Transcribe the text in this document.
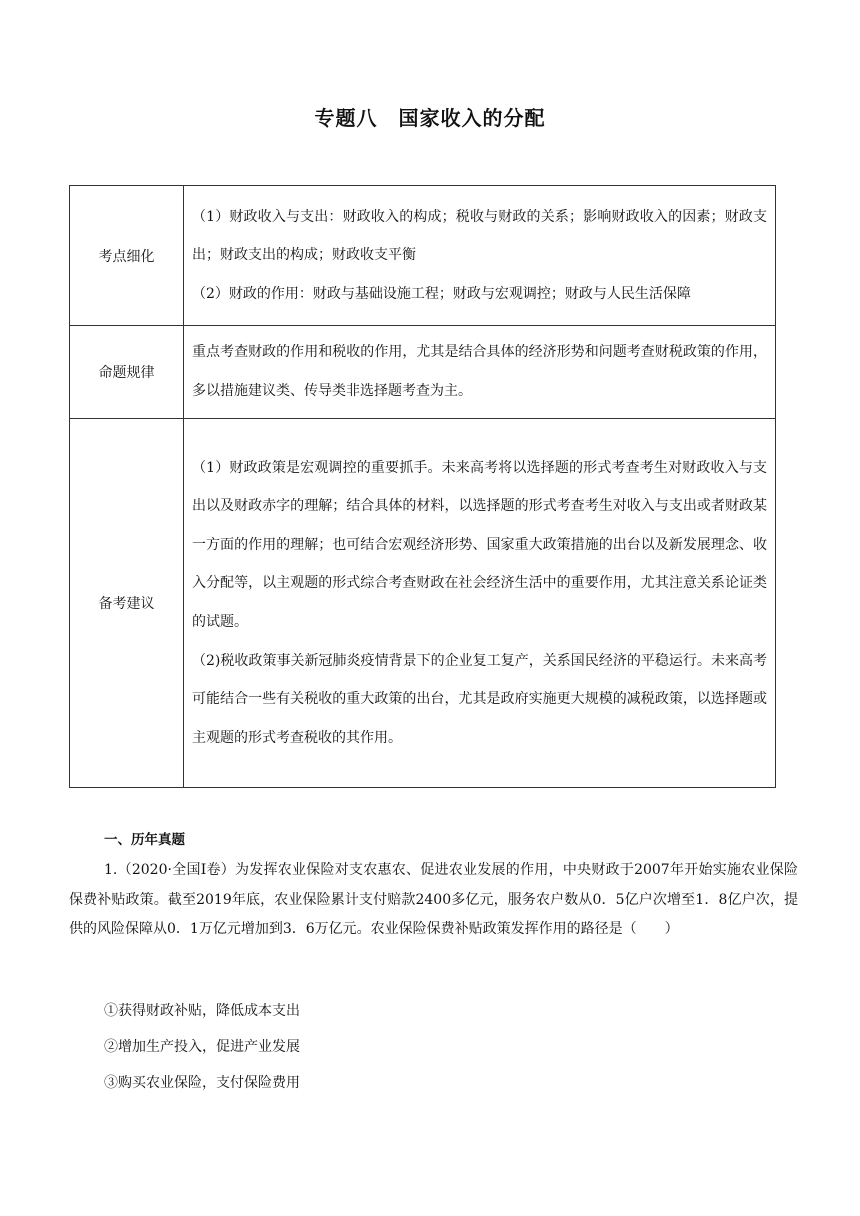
专题八　国家收入的分配
考点细化	（1）财政收入与支出：财政收入的构成；税收与财政的关系；影响财政收入的因素；财政支出；财政支出的构成；财政收支平衡
（2）财政的作用：财政与基础设施工程；财政与宏观调控；财政与人民生活保障

命题规律	重点考查财政的作用和税收的作用，尤其是结合具体的经济形势和问题考查财税政策的作用，多以措施建议类、传导类非选择题考查为主。

备考建议	（1）财政政策是宏观调控的重要抓手。未来高考将以选择题的形式考查考生对财政收入与支出以及财政赤字的理解；结合具体的材料，以选择题的形式考查考生对收入与支出或者财政某一方面的作用的理解；也可结合宏观经济形势、国家重大政策措施的出台以及新发展理念、收入分配等，以主观题的形式综合考查财政在社会经济生活中的重要作用，尤其注意关系论证类的试题。
（2)税收政策事关新冠肺炎疫情背景下的企业复工复产，关系国民经济的平稳运行。未来高考可能结合一些有关税收的重大政策的出台，尤其是政府实施更大规模的减税政策，以选择题或主观题的形式考查税收的其作用。
一、历年真题
1.（2020·全国I卷）为发挥农业保险对支农惠农、促进农业发展的作用，中央财政于2007年开始实施农业保险保费补贴政策。截至2019年底，农业保险累计支付赔款2400多亿元，服务农户数从0．5亿户次增至1．8亿户次，提供的风险保障从0．1万亿元增加到3．6万亿元。农业保险保费补贴政策发挥作用的路径是（　　）
①获得财政补贴，降低成本支出
②增加生产投入，促进产业发展
③购买农业保险，支付保险费用
